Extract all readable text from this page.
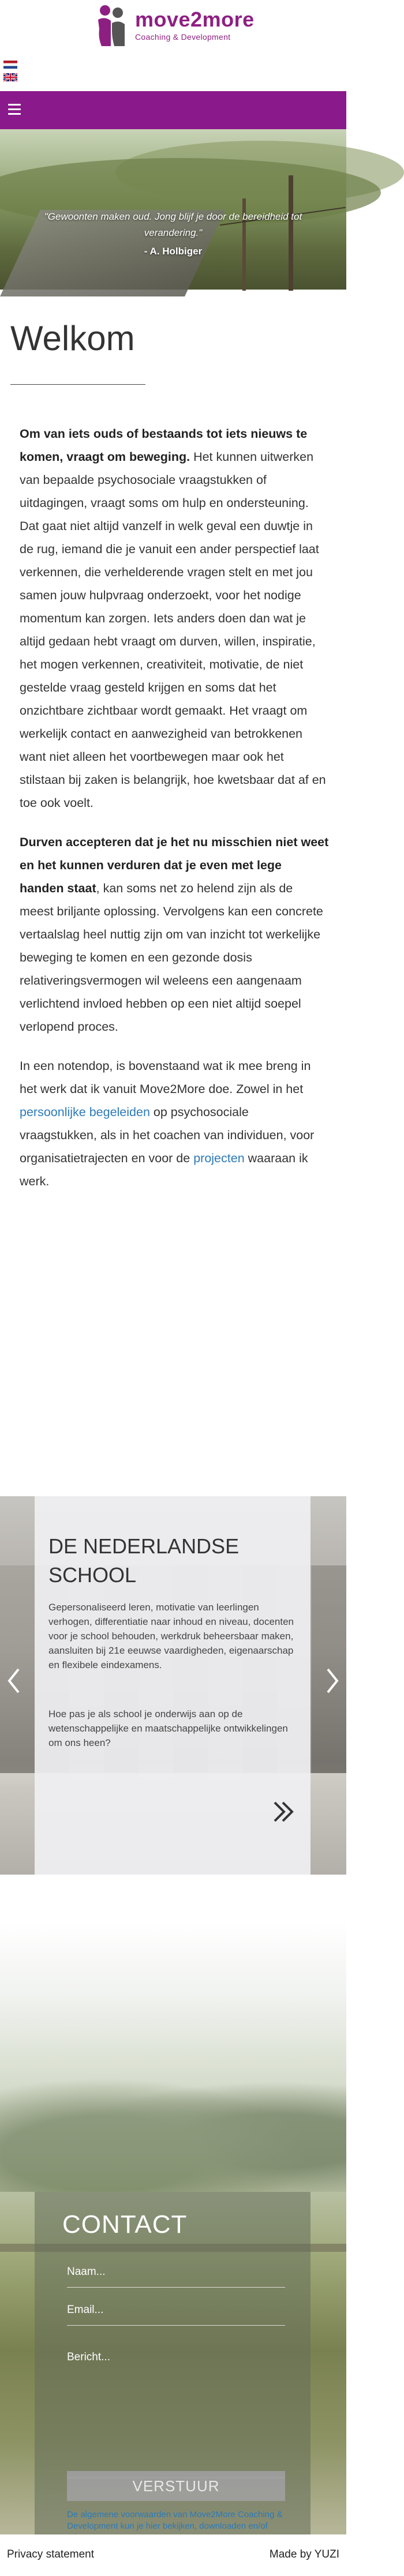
move2more
Coaching & Development
"Gewoonten maken oud. Jong blijf je door de bereidheid tot verandering."
- A. Holbiger
Welkom

Om van iets ouds of bestaands tot iets nieuws te komen, vraagt om beweging. Het kunnen uitwerken van bepaalde psychosociale vraagstukken of uitdagingen, vraagt soms om hulp en ondersteuning. Dat gaat niet altijd vanzelf in welk geval een duwtje in de rug, iemand die je vanuit een ander perspectief laat verkennen, die verhelderende vragen stelt en met jou samen jouw hulpvraag onderzoekt, voor het nodige momentum kan zorgen. Iets anders doen dan wat je altijd gedaan hebt vraagt om durven, willen, inspiratie, het mogen verkennen, creativiteit, motivatie, de niet gestelde vraag gesteld krijgen en soms dat het onzichtbare zichtbaar wordt gemaakt. Het vraagt om werkelijk contact en aanwezigheid van betrokkenen want niet alleen het voortbewegen maar ook het stilstaan bij zaken is belangrijk, hoe kwetsbaar dat af en toe ook voelt.

Durven accepteren dat je het nu misschien niet weet en het kunnen verduren dat je even met lege handen staat, kan soms net zo helend zijn als de meest briljante oplossing. Vervolgens kan een concrete vertaalslag heel nuttig zijn om van inzicht tot werkelijke beweging te komen en een gezonde dosis relativeringsvermogen wil weleens een aangenaam verlichtend invloed hebben op een niet altijd soepel verlopend proces.

In een notendop, is bovenstaand wat ik mee breng in het werk dat ik vanuit Move2More doe. Zowel in het persoonlijke begeleiden op psychosociale vraagstukken, als in het coachen van individuen, voor organisatietrajecten en voor de projecten waaraan ik werk.

DE NEDERLANDSE SCHOOL
Gepersonaliseerd leren, motivatie van leerlingen verhogen, differentiatie naar inhoud en niveau, docenten voor je school behouden, werkdruk beheersbaar maken, aansluiten bij 21e eeuwse vaardigheden, eigenaarschap en flexibele eindexamens.
Hoe pas je als school je onderwijs aan op de wetenschappelijke en maatschappelijke ontwikkelingen om ons heen?
CONTACT
Naam...
Email...
Bericht...
VERSTUUR
De algemene voorwaarden van Move2More Coaching & Development kun je hier bekijken, downloaden en/of
Privacy statement	Made by YUZI
